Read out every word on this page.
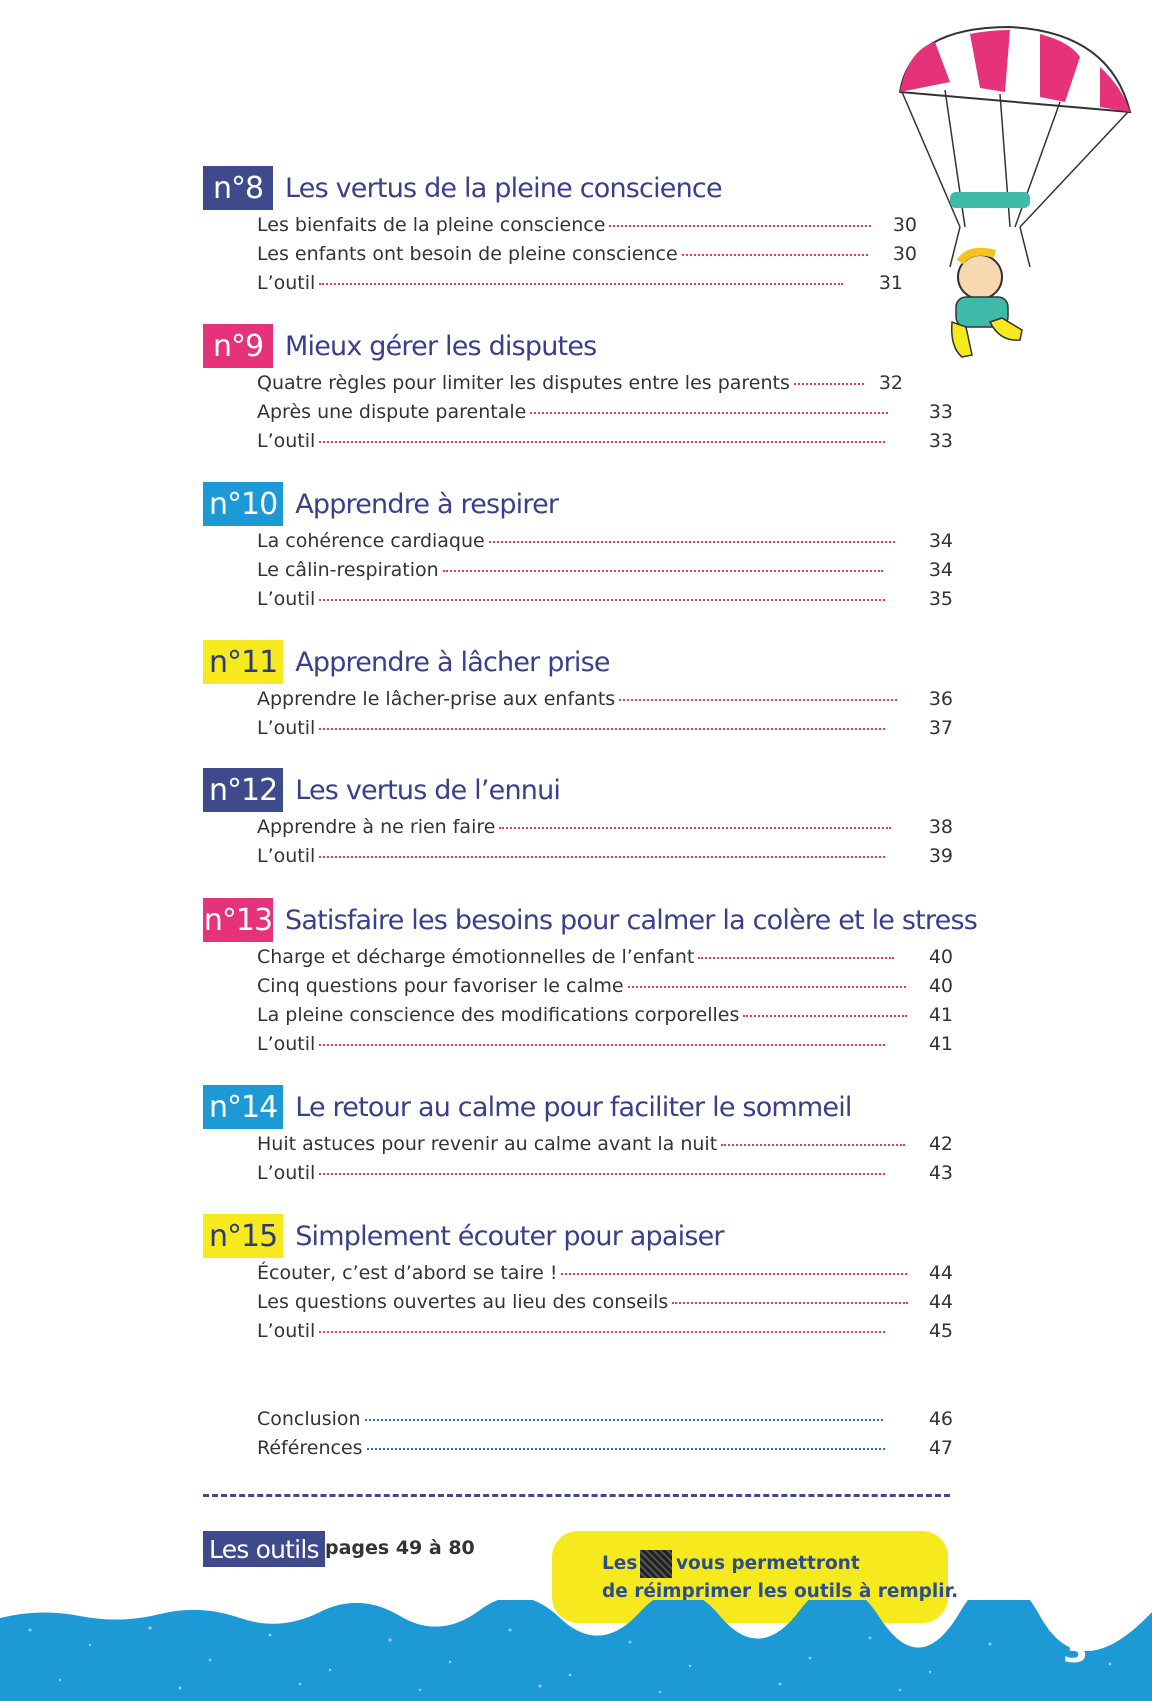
n°8 Les vertus de la pleine conscience
Les bienfaits de la pleine conscience	30
Les enfants ont besoin de pleine conscience	30
L’outil	31
n°9 Mieux gérer les disputes
Quatre règles pour limiter les disputes entre les parents	32
Après une dispute parentale	33
L’outil	33
n°10 Apprendre à respirer
La cohérence cardiaque	34
Le câlin-respiration	34
L’outil	35
n°11 Apprendre à lâcher prise
Apprendre le lâcher-prise aux enfants	36
L’outil	37
n°12 Les vertus de l’ennui
Apprendre à ne rien faire	38
L’outil	39
n°13 Satisfaire les besoins pour calmer la colère et le stress
Charge et décharge émotionnelles de l’enfant	40
Cinq questions pour favoriser le calme	40
La pleine conscience des modifications corporelles	41
L’outil	41
n°14 Le retour au calme pour faciliter le sommeil
Huit astuces pour revenir au calme avant la nuit	42
L’outil	43
n°15 Simplement écouter pour apaiser
Écouter, c’est d’abord se taire !	44
Les questions ouvertes au lieu des conseils	44
L’outil	45
Conclusion	46
Références	47
Les outils pages 49 à 80
Les vous permettront
de réimprimer les outils à remplir.
3
